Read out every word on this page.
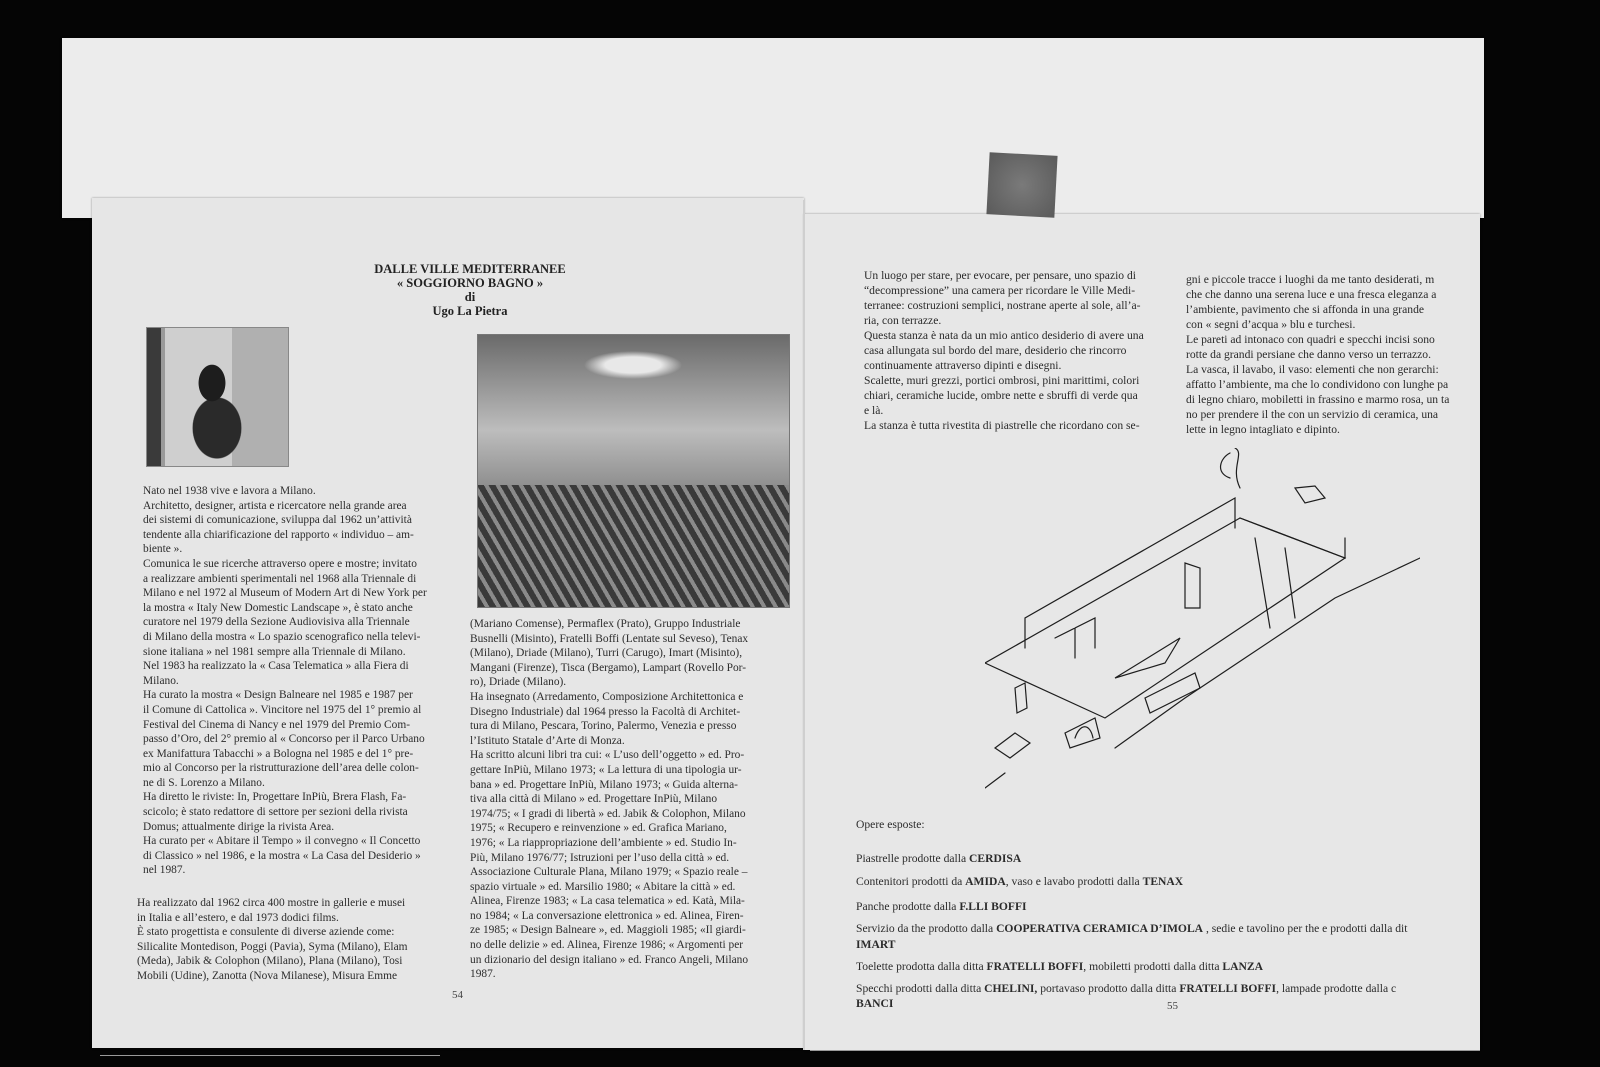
DALLE VILLE MEDITERRANEE
« SOGGIORNO BAGNO »
di
Ugo La Pietra
Nato nel 1938 vive e lavora a Milano.
Architetto, designer, artista e ricercatore nella grande area
dei sistemi di comunicazione, sviluppa dal 1962 un’attività
tendente alla chiarificazione del rapporto « individuo – am-
biente ».
Comunica le sue ricerche attraverso opere e mostre; invitato
a realizzare ambienti sperimentali nel 1968 alla Triennale di
Milano e nel 1972 al Museum of Modern Art di New York per
la mostra « Italy New Domestic Landscape », è stato anche
curatore nel 1979 della Sezione Audiovisiva alla Triennale
di Milano della mostra « Lo spazio scenografico nella televi-
sione italiana » nel 1981 sempre alla Triennale di Milano.
Nel 1983 ha realizzato la « Casa Telematica » alla Fiera di
Milano.
Ha curato la mostra « Design Balneare nel 1985 e 1987 per
il Comune di Cattolica ». Vincitore nel 1975 del 1° premio al
Festival del Cinema di Nancy e nel 1979 del Premio Com-
passo d’Oro, del 2° premio al « Concorso per il Parco Urbano
ex Manifattura Tabacchi » a Bologna nel 1985 e del 1° pre-
mio al Concorso per la ristrutturazione dell’area delle colon-
ne di S. Lorenzo a Milano.
Ha diretto le riviste: In, Progettare InPiù, Brera Flash, Fa-
scicolo; è stato redattore di settore per sezioni della rivista
Domus; attualmente dirige la rivista Area.
Ha curato per « Abitare il Tempo » il convegno « Il Concetto
di Classico » nel 1986, e la mostra « La Casa del Desiderio »
nel 1987.
Ha realizzato dal 1962 circa 400 mostre in gallerie e musei
in Italia e all’estero, e dal 1973 dodici films.
È stato progettista e consulente di diverse aziende come:
Silicalite Montedison, Poggi (Pavia), Syma (Milano), Elam
(Meda), Jabik & Colophon (Milano), Plana (Milano), Tosi
Mobili (Udine), Zanotta (Nova Milanese), Misura Emme
(Mariano Comense), Permaflex (Prato), Gruppo Industriale
Busnelli (Misinto), Fratelli Boffi (Lentate sul Seveso), Tenax
(Milano), Driade (Milano), Turri (Carugo), Imart (Misinto),
Mangani (Firenze), Tisca (Bergamo), Lampart (Rovello Por-
ro), Driade (Milano).
Ha insegnato (Arredamento, Composizione Architettonica e
Disegno Industriale) dal 1964 presso la Facoltà di Architet-
tura di Milano, Pescara, Torino, Palermo, Venezia e presso
l’Istituto Statale d’Arte di Monza.
Ha scritto alcuni libri tra cui: « L’uso dell’oggetto » ed. Pro-
gettare InPiù, Milano 1973; « La lettura di una tipologia ur-
bana » ed. Progettare InPiù, Milano 1973; « Guida alterna-
tiva alla città di Milano » ed. Progettare InPiù, Milano
1974/75; « I gradi di libertà » ed. Jabik & Colophon, Milano
1975; « Recupero e reinvenzione » ed. Grafica Mariano,
1976; « La riappropriazione dell’ambiente » ed. Studio In-
Più, Milano 1976/77; Istruzioni per l’uso della città » ed.
Associazione Culturale Plana, Milano 1979; « Spazio reale –
spazio virtuale » ed. Marsilio 1980; « Abitare la città » ed.
Alinea, Firenze 1983; « La casa telematica » ed. Katà, Mila-
no 1984; « La conversazione elettronica » ed. Alinea, Firen-
ze 1985; « Design Balneare », ed. Maggioli 1985; «Il giardi-
no delle delizie » ed. Alinea, Firenze 1986; « Argomenti per
un dizionario del design italiano » ed. Franco Angeli, Milano
1987.
54
Un luogo per stare, per evocare, per pensare, uno spazio di
“decompressione” una camera per ricordare le Ville Medi-
terranee: costruzioni semplici, nostrane aperte al sole, all’a-
ria, con terrazze.
Questa stanza è nata da un mio antico desiderio di avere una
casa allungata sul bordo del mare, desiderio che rincorro
continuamente attraverso dipinti e disegni.
Scalette, muri grezzi, portici ombrosi, pini marittimi, colori
chiari, ceramiche lucide, ombre nette e sbruffi di verde qua
e là.
La stanza è tutta rivestita di piastrelle che ricordano con se-
gni e piccole tracce i luoghi da me tanto desiderati, m
che che danno una serena luce e una fresca eleganza a
l’ambiente, pavimento che si affonda in una grande
con « segni d’acqua » blu e turchesi.
Le pareti ad intonaco con quadri e specchi incisi sono
rotte da grandi persiane che danno verso un terrazzo.
La vasca, il lavabo, il vaso: elementi che non gerarchi:
affatto l’ambiente, ma che lo condividono con lunghe pa
di legno chiaro, mobiletti in frassino e marmo rosa, un ta
no per prendere il the con un servizio di ceramica, una
lette in legno intagliato e dipinto.
Opere esposte:
Piastrelle prodotte dalla CERDISA
Contenitori prodotti da AMIDA, vaso e lavabo prodotti dalla TENAX
Panche prodotte dalla F.LLI BOFFI
Servizio da the prodotto dalla COOPERATIVA CERAMICA D’IMOLA , sedie e tavolino per the e prodotti dalla dit
IMART
Toelette prodotta dalla ditta FRATELLI BOFFI, mobiletti prodotti dalla ditta LANZA
Specchi prodotti dalla ditta CHELINI, portavaso prodotto dalla ditta FRATELLI BOFFI, lampade prodotte dalla c
BANCI	55
